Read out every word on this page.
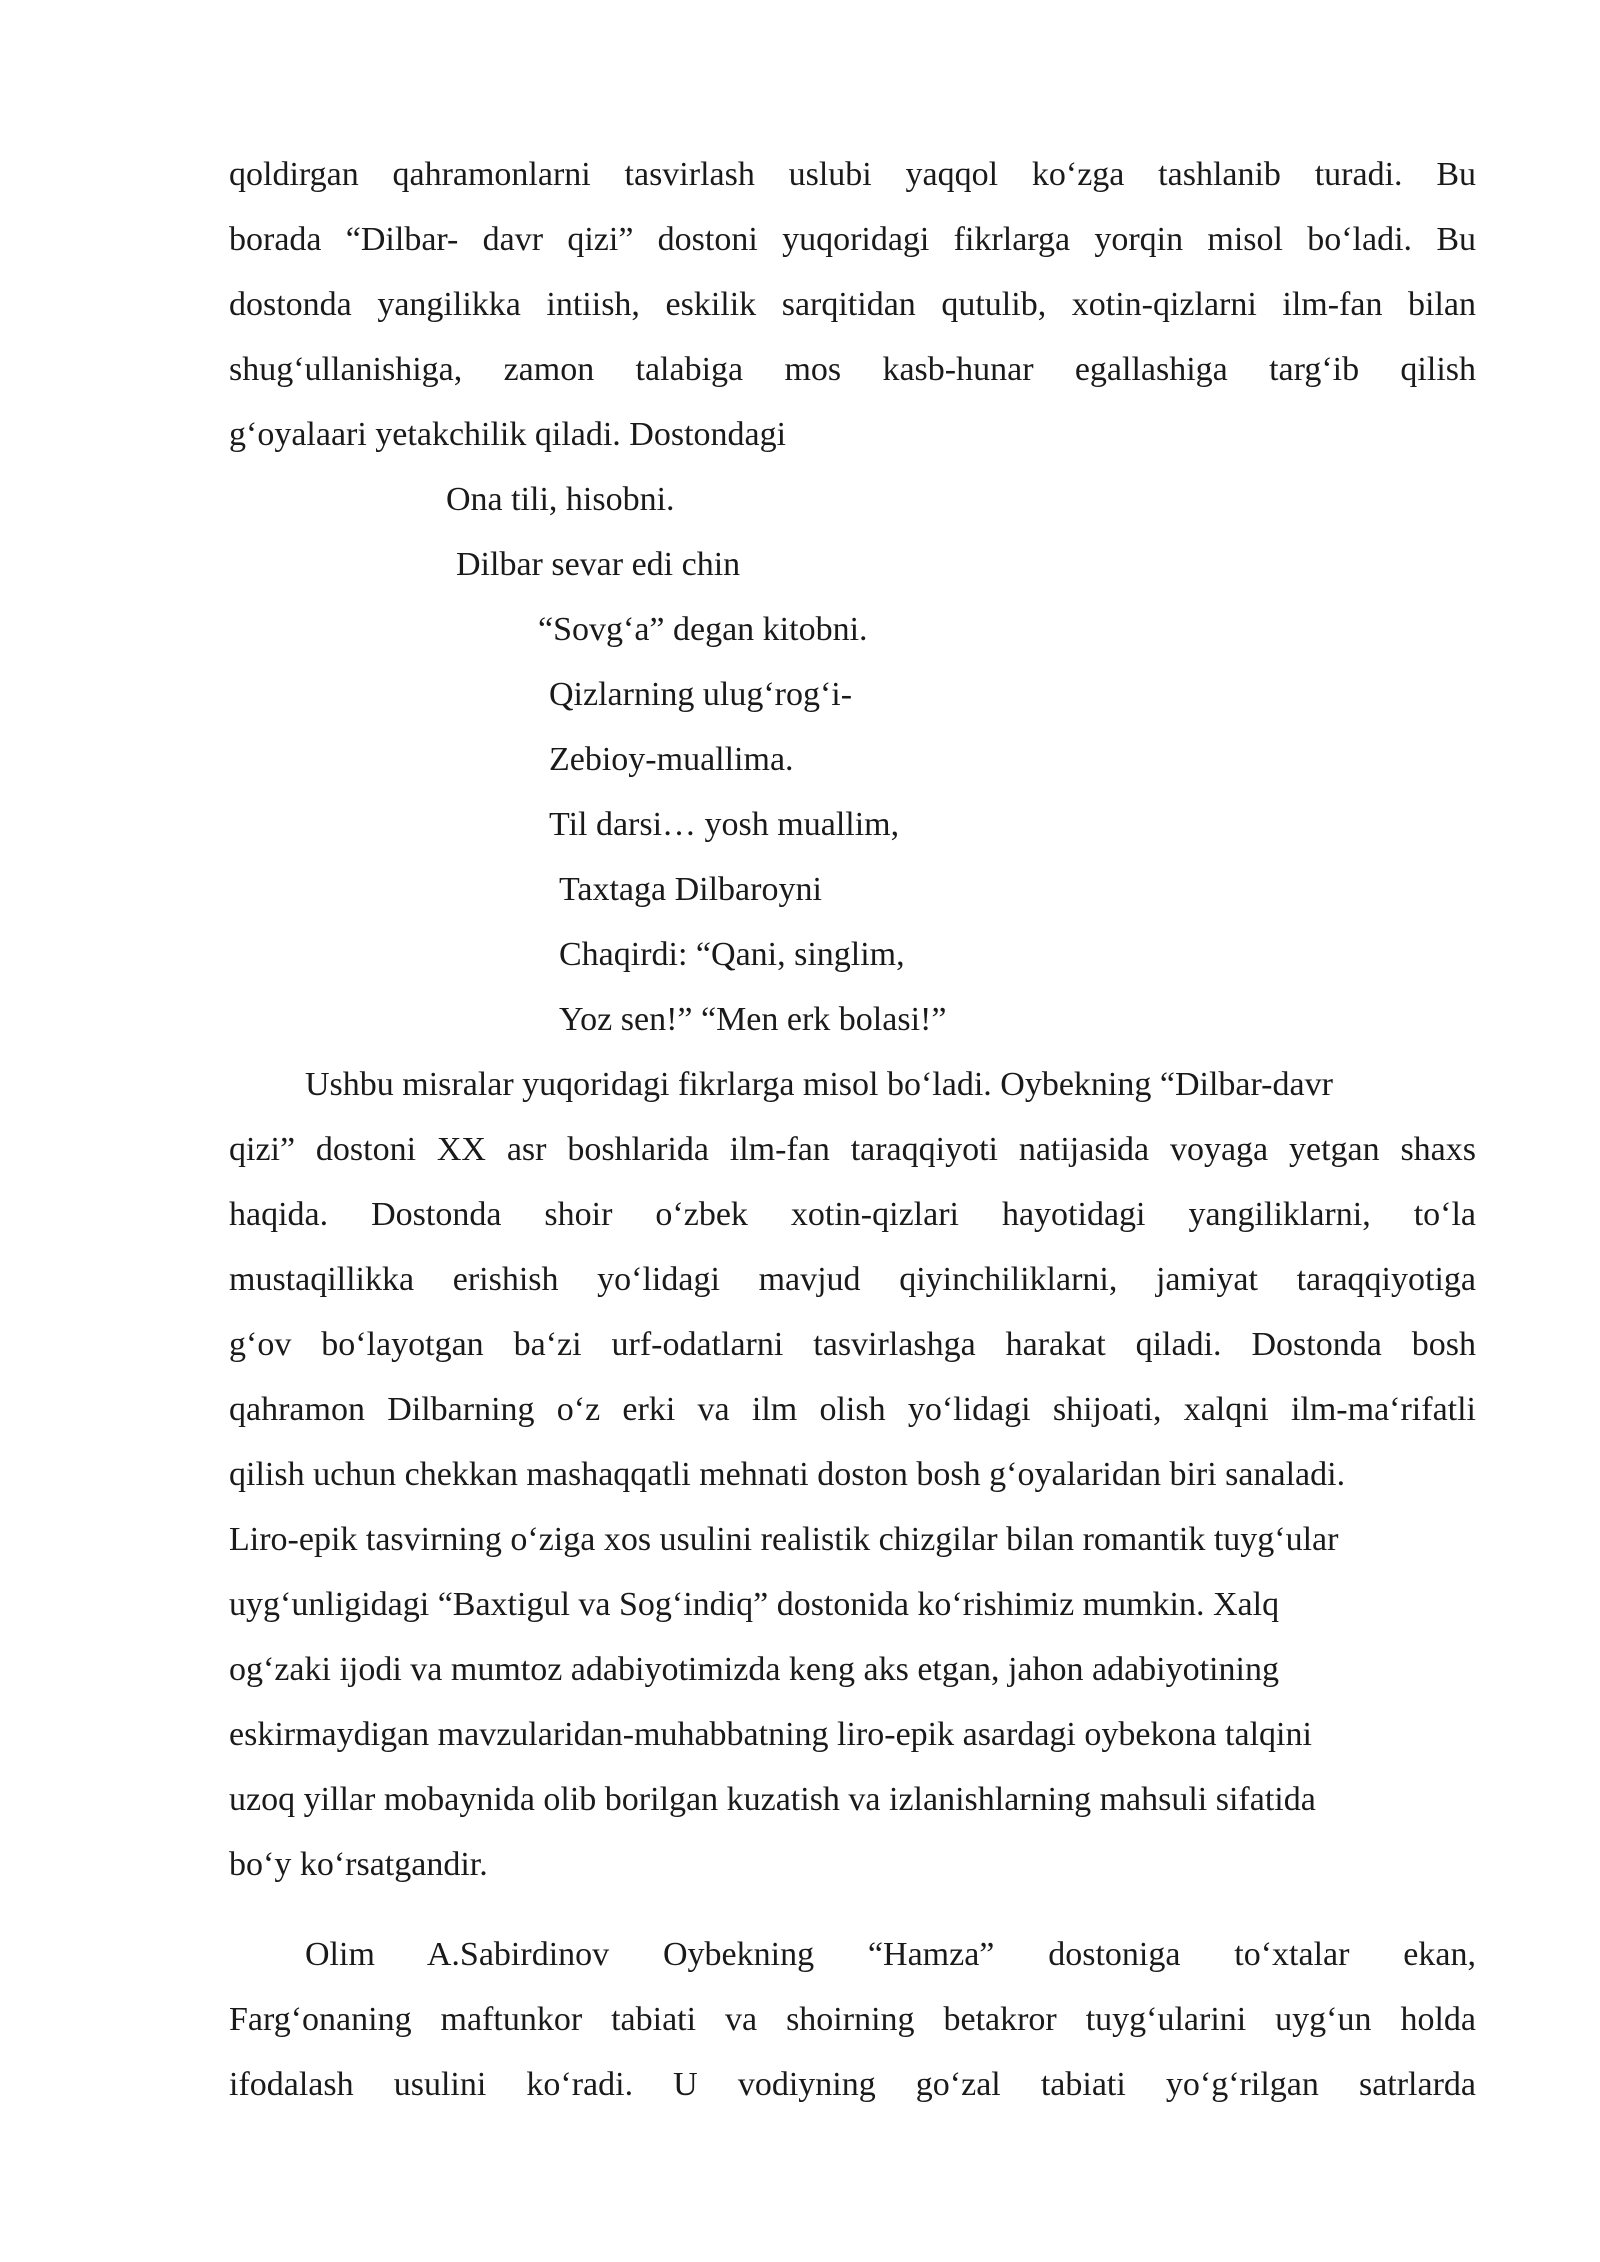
qoldirgan qahramonlarni tasvirlash uslubi yaqqol ko‘zga tashlanib turadi. Bu
borada “Dilbar- davr qizi” dostoni yuqoridagi fikrlarga yorqin misol bo‘ladi. Bu
dostonda yangilikka intiish, eskilik sarqitidan qutulib, xotin-qizlarni ilm-fan bilan
shug‘ullanishiga, zamon talabiga mos kasb-hunar egallashiga targ‘ib qilish
g‘oyalaari yetakchilik qiladi. Dostondagi
Ona tili, hisobni.
Dilbar sevar edi chin
“Sovg‘a” degan kitobni.
Qizlarning ulug‘rog‘i-
Zebioy-muallima.
Til darsi… yosh muallim,
Taxtaga Dilbaroyni
Chaqirdi: “Qani, singlim,
Yoz sen!” “Men erk bolasi!”
Ushbu misralar yuqoridagi fikrlarga misol bo‘ladi. Oybekning “Dilbar-davr
qizi” dostoni XX asr boshlarida ilm-fan taraqqiyoti natijasida voyaga yetgan shaxs
haqida. Dostonda shoir o‘zbek xotin-qizlari hayotidagi yangiliklarni, to‘la
mustaqillikka erishish yo‘lidagi mavjud qiyinchiliklarni, jamiyat taraqqiyotiga
g‘ov bo‘layotgan ba‘zi urf-odatlarni tasvirlashga harakat qiladi. Dostonda bosh
qahramon Dilbarning o‘z erki va ilm olish yo‘lidagi shijoati, xalqni ilm-ma‘rifatli
qilish uchun chekkan mashaqqatli mehnati doston bosh g‘oyalaridan biri sanaladi.
Liro-epik tasvirning o‘ziga xos usulini realistik chizgilar bilan romantik tuyg‘ular
uyg‘unligidagi “Baxtigul va Sog‘indiq” dostonida ko‘rishimiz mumkin. Xalq
og‘zaki ijodi va mumtoz adabiyotimizda keng aks etgan, jahon adabiyotining
eskirmaydigan mavzularidan-muhabbatning liro-epik asardagi oybekona talqini
uzoq yillar mobaynida olib borilgan kuzatish va izlanishlarning mahsuli sifatida
bo‘y ko‘rsatgandir.
Olim A.Sabirdinov Oybekning “Hamza” dostoniga to‘xtalar ekan,
Farg‘onaning maftunkor tabiati va shoirning betakror tuyg‘ularini uyg‘un holda
ifodalash usulini ko‘radi. U vodiyning go‘zal tabiati yo‘g‘rilgan satrlarda
